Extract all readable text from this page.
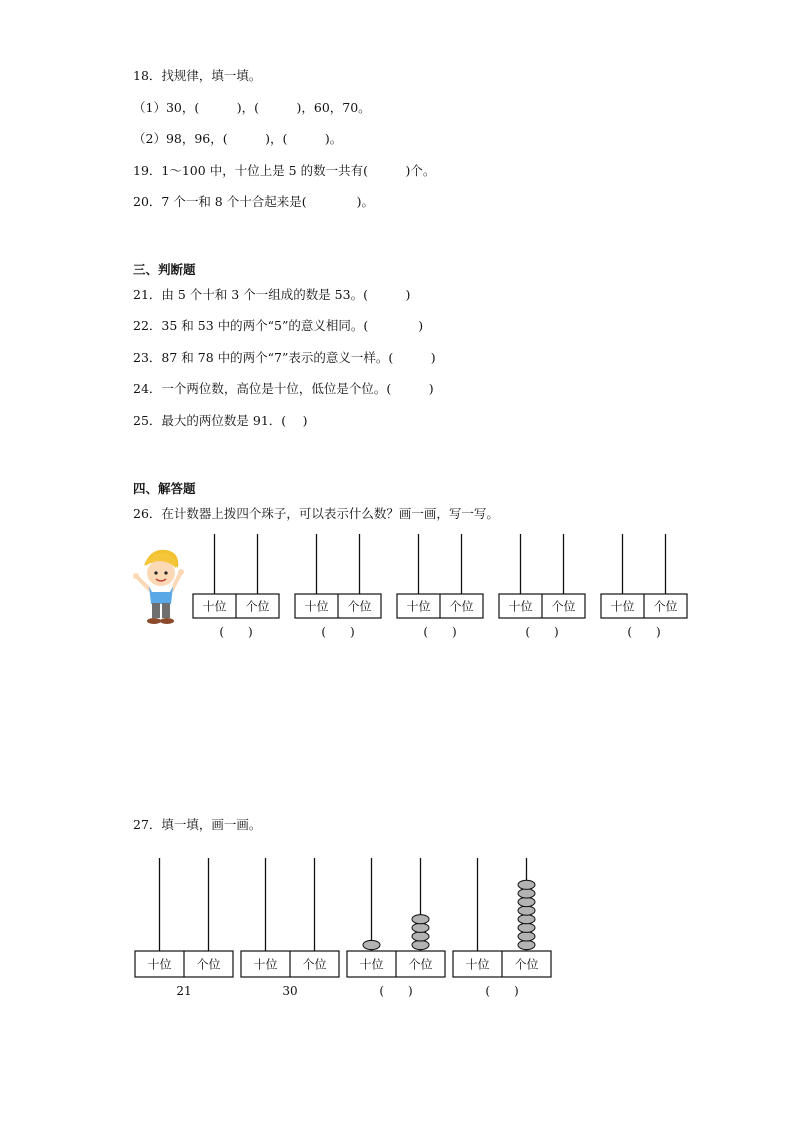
18．找规律，填一填。
（1）30，(　　　)，(　　　)，60，70。
（2）98，96，(　　　)，(　　　)。
19．1～100 中，十位上是 5 的数一共有(　　　)个。
20．7 个一和 8 个十合起来是(　　　　)。
三、判断题
21．由 5 个十和 3 个一组成的数是 53。(　　　)
22．35 和 53 中的两个“5”的意义相同。(　　　　)
23．87 和 78 中的两个“7”表示的意义一样。(　　　)
24．一个两位数，高位是十位，低位是个位。(　　　)
25．最大的两位数是 91．(　 )
四、解答题
26．在计数器上拨四个珠子，可以表示什么数？画一画，写一写。
27．填一填，画一画。
十位 个位
(　　)
十位 个位
(　　)
十位 个位
(　　)
十位 个位
(　　)
十位 个位
(　　)
十位 个位
21
十位 个位
30
十位 个位
(　　)
十位 个位
(　　)
